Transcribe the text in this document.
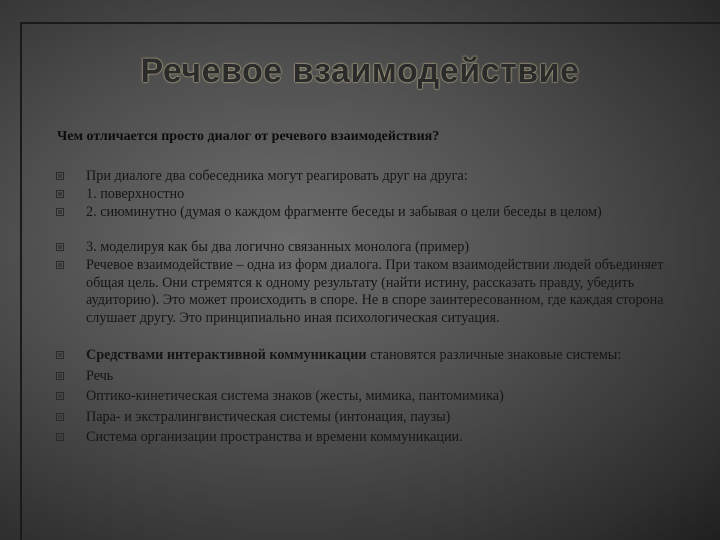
Речевое взаимодействие
Чем отличается просто диалог от речевого взаимодействия?
При диалоге два собеседника могут реагировать друг на друга:
1. поверхностно
2. сиюминутно (думая о каждом фрагменте беседы и забывая о цели беседы в целом)
3. моделируя как бы два логично связанных монолога (пример)
Речевое взаимодействие – одна из форм диалога. При таком взаимодействии людей объединяет общая цель. Они стремятся к одному результату (найти истину, рассказать правду, убедить аудиторию). Это может происходить в споре. Не в споре заинтересованном, где каждая сторона слушает другу. Это принципиально иная психологическая ситуация.
Средствами интерактивной коммуникации становятся различные знаковые системы:
Речь
Оптико-кинетическая система знаков (жесты, мимика, пантомимика)
Пара- и экстралингвистическая системы (интонация, паузы)
Система организации пространства и времени коммуникации.
